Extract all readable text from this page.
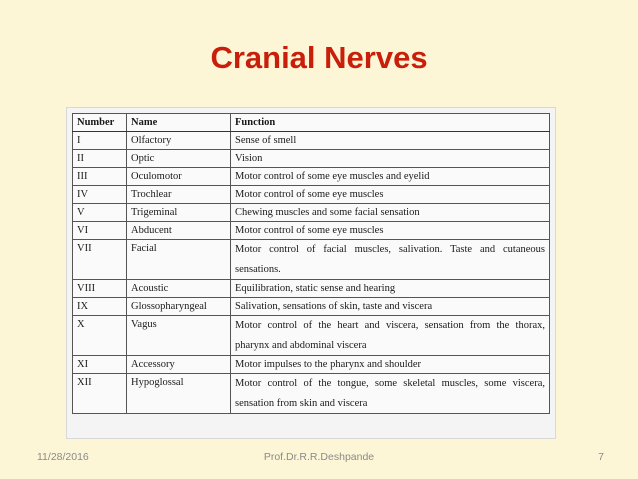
Cranial Nerves
Number	Name	Function
I	Olfactory	Sense of smell
II	Optic	Vision
III	Oculomotor	Motor control of some eye muscles and eyelid
IV	Trochlear	Motor control of some eye muscles
V	Trigeminal	Chewing muscles and some facial sensation
VI	Abducent	Motor control of some eye muscles
VII	Facial	Motor control of facial muscles, salivation. Taste and cutaneous sensations.
VIII	Acoustic	Equilibration, static sense and hearing
IX	Glossopharyngeal	Salivation, sensations of skin, taste and viscera
X	Vagus	Motor control of the heart and viscera, sensation from the thorax, pharynx and abdominal viscera
XI	Accessory	Motor impulses to the pharynx and shoulder
XII	Hypoglossal	Motor control of the tongue, some skeletal muscles, some viscera, sensation from skin and viscera
11/28/2016	Prof.Dr.R.R.Deshpande	7
